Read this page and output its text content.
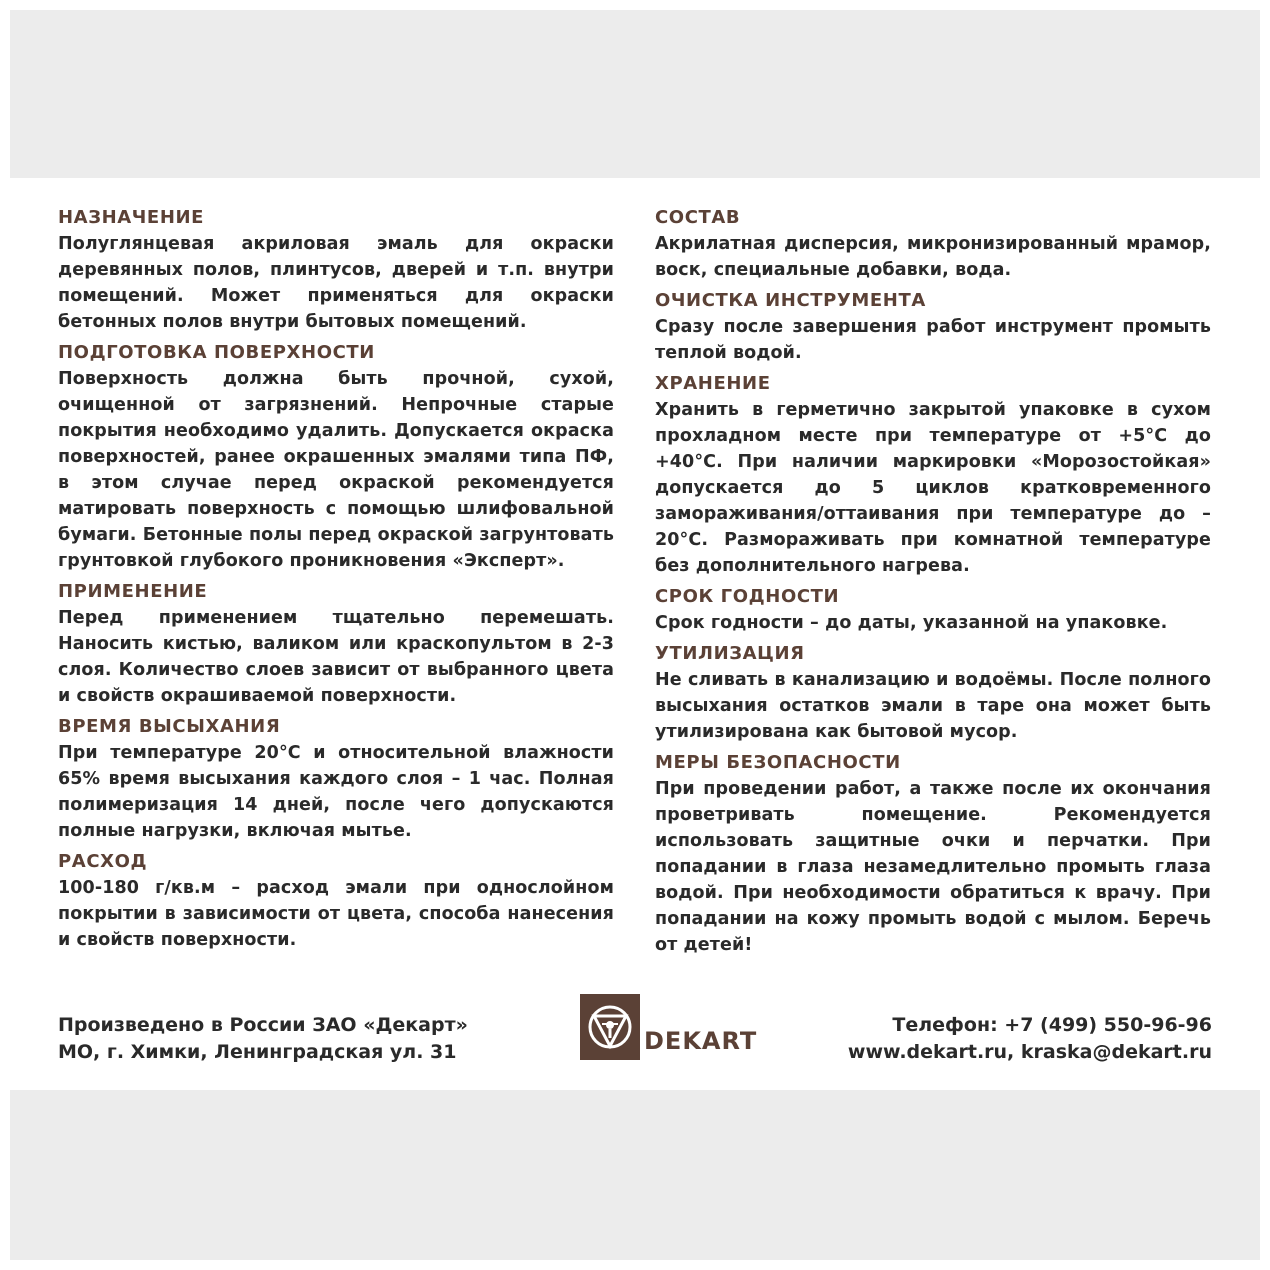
НАЗНАЧЕНИЕ

Полуглянцевая акриловая эмаль для окраски деревянных полов, плинтусов, дверей и т.п. внутри помещений. Может применяться для окраски бетонных полов внутри бытовых помещений.

ПОДГОТОВКА ПОВЕРХНОСТИ

Поверхность должна быть прочной, сухой, очищенной от загрязнений. Непрочные старые покрытия необходимо удалить. Допускается окраска поверхностей, ранее окрашенных эмалями типа ПФ, в этом случае перед окраской рекомендуется матировать поверхность с помощью шлифовальной бумаги. Бетонные полы перед окраской загрунтовать грунтовкой глубокого проникновения «Эксперт».

ПРИМЕНЕНИЕ

Перед применением тщательно перемешать. Наносить кистью, валиком или краскопультом в 2-3 слоя. Количество слоев зависит от выбранного цвета и свойств окрашиваемой поверхности.

ВРЕМЯ ВЫСЫХАНИЯ

При температуре 20°С и относительной влажности 65% время высыхания каждого слоя – 1 час. Полная полимеризация 14 дней, после чего допускаются полные нагрузки, включая мытье.

РАСХОД

100-180 г/кв.м – расход эмали при однослойном покрытии в зависимости от цвета, способа нанесения и свойств поверхности.

СОСТАВ

Акрилатная дисперсия, микронизированный мрамор, воск, специальные добавки, вода.

ОЧИСТКА ИНСТРУМЕНТА

Сразу после завершения работ инструмент промыть теплой водой.

ХРАНЕНИЕ

Хранить в герметично закрытой упаковке в сухом прохладном месте при температуре от +5°С до +40°С. При наличии маркировки «Морозостойкая» допускается до 5 циклов кратковременного замораживания/оттаивания при температуре до – 20°С. Размораживать при комнатной температуре без дополнительного нагрева.

СРОК ГОДНОСТИ

Срок годности – до даты, указанной на упаковке.

УТИЛИЗАЦИЯ

Не сливать в канализацию и водоёмы. После полного высыхания остатков эмали в таре она может быть утилизирована как бытовой мусор.

МЕРЫ БЕЗОПАСНОСТИ

При проведении работ, а также после их окончания проветривать помещение. Рекомендуется использовать защитные очки и перчатки. При попадании в глаза незамедлительно промыть глаза водой. При необходимости обратиться к врачу. При попадании на кожу промыть водой с мылом. Беречь от детей!

Произведено в России ЗАО «Декарт»
МО, г. Химки, Ленинградская ул. 31	DEKART
Телефон: +7 (499) 550-96-96
www.dekart.ru, kraska@dekart.ru
